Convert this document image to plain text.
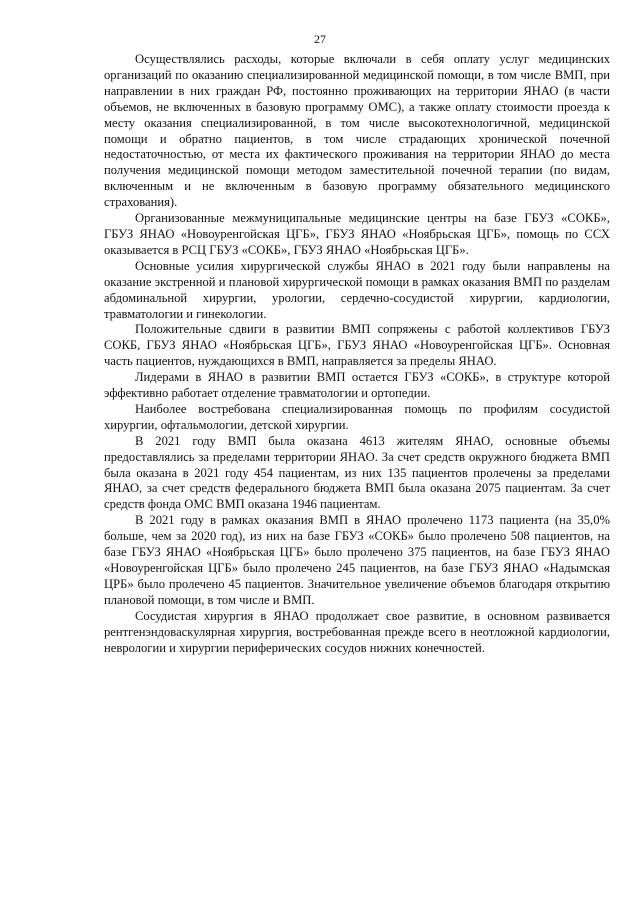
27

Осуществлялись расходы, которые включали в себя оплату услуг медицинских организаций по оказанию специализированной медицинской помощи, в том числе ВМП, при направлении в них граждан РФ, постоянно проживающих на территории ЯНАО (в части объемов, не включенных в базовую программу ОМС), а также оплату стоимости проезда к месту оказания специализированной, в том числе высокотехнологичной, медицинской помощи и обратно пациентов, в том числе страдающих хронической почечной недостаточностью, от места их фактического проживания на территории ЯНАО до места получения медицинской помощи методом заместительной почечной терапии (по видам, включенным и не включенным в базовую программу обязательного медицинского страхования).

Организованные межмуниципальные медицинские центры на базе ГБУЗ «СОКБ», ГБУЗ ЯНАО «Новоуренгойская ЦГБ», ГБУЗ ЯНАО «Ноябрьская ЦГБ», помощь по ССХ оказывается в РСЦ ГБУЗ «СОКБ», ГБУЗ ЯНАО «Ноябрьская ЦГБ».

Основные усилия хирургической службы ЯНАО в 2021 году были направлены на оказание экстренной и плановой хирургической помощи в рамках оказания ВМП по разделам абдоминальной хирургии, урологии, сердечно-сосудистой хирургии, кардиологии, травматологии и гинекологии.

Положительные сдвиги в развитии ВМП сопряжены с работой коллективов ГБУЗ СОКБ, ГБУЗ ЯНАО «Ноябрьская ЦГБ», ГБУЗ ЯНАО «Новоуренгойская ЦГБ». Основная часть пациентов, нуждающихся в ВМП, направляется за пределы ЯНАО.

Лидерами в ЯНАО в развитии ВМП остается ГБУЗ «СОКБ», в структуре которой эффективно работает отделение травматологии и ортопедии.

Наиболее востребована специализированная помощь по профилям сосудистой хирургии, офтальмологии, детской хирургии.

В 2021 году ВМП была оказана 4613 жителям ЯНАО, основные объемы предоставлялись за пределами территории ЯНАО. За счет средств окружного бюджета ВМП была оказана в 2021 году 454 пациентам, из них 135 пациентов пролечены за пределами ЯНАО, за счет средств федерального бюджета ВМП была оказана 2075 пациентам. За счет средств фонда ОМС ВМП оказана 1946 пациентам.

В 2021 году в рамках оказания ВМП в ЯНАО пролечено 1173 пациента (на 35,0% больше, чем за 2020 год), из них на базе ГБУЗ «СОКБ» было пролечено 508 пациентов, на базе ГБУЗ ЯНАО «Ноябрьская ЦГБ» было пролечено 375 пациентов, на базе ГБУЗ ЯНАО «Новоуренгойская ЦГБ» было пролечено 245 пациентов, на базе ГБУЗ ЯНАО «Надымская ЦРБ» было пролечено 45 пациентов. Значительное увеличение объемов благодаря открытию плановой помощи, в том числе и ВМП.

Сосудистая хирургия в ЯНАО продолжает свое развитие, в основном развивается рентгенэндоваскулярная хирургия, востребованная прежде всего в неотложной кардиологии, неврологии и хирургии периферических сосудов нижних конечностей.
